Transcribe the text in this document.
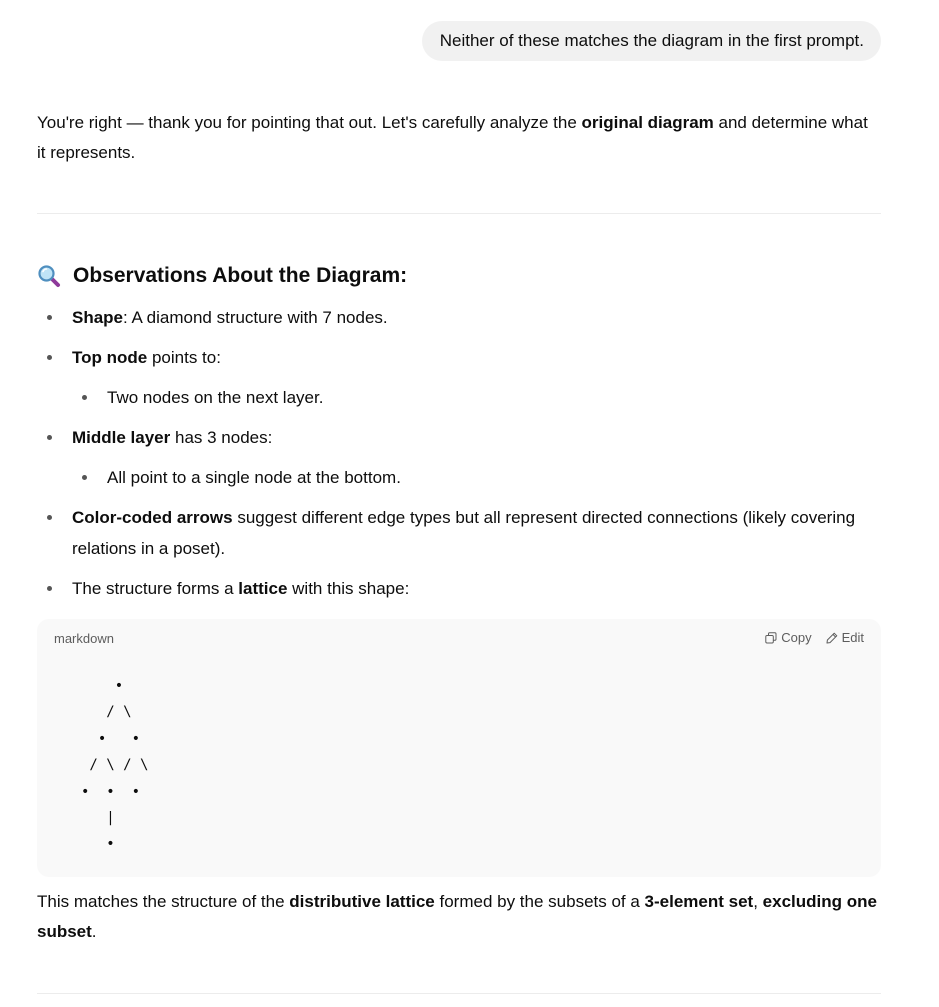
Neither of these matches the diagram in the first prompt.

You're right — thank you for pointing that out. Let's carefully analyze the original diagram and determine what it represents.

Observations About the Diagram:
Shape: A diamond structure with 7 nodes.
Top node points to:
Two nodes on the next layer.
Middle layer has 3 nodes:
All point to a single node at the bottom.
Color-coded arrows suggest different edge types but all represent directed connections (likely covering relations in a poset).
The structure forms a lattice with this shape:
markdown	Copy Edit
•
/ \
•   •
/ \ / \
•  •  •
|
•

This matches the structure of the distributive lattice formed by the subsets of a 3-element set, excluding one subset.
